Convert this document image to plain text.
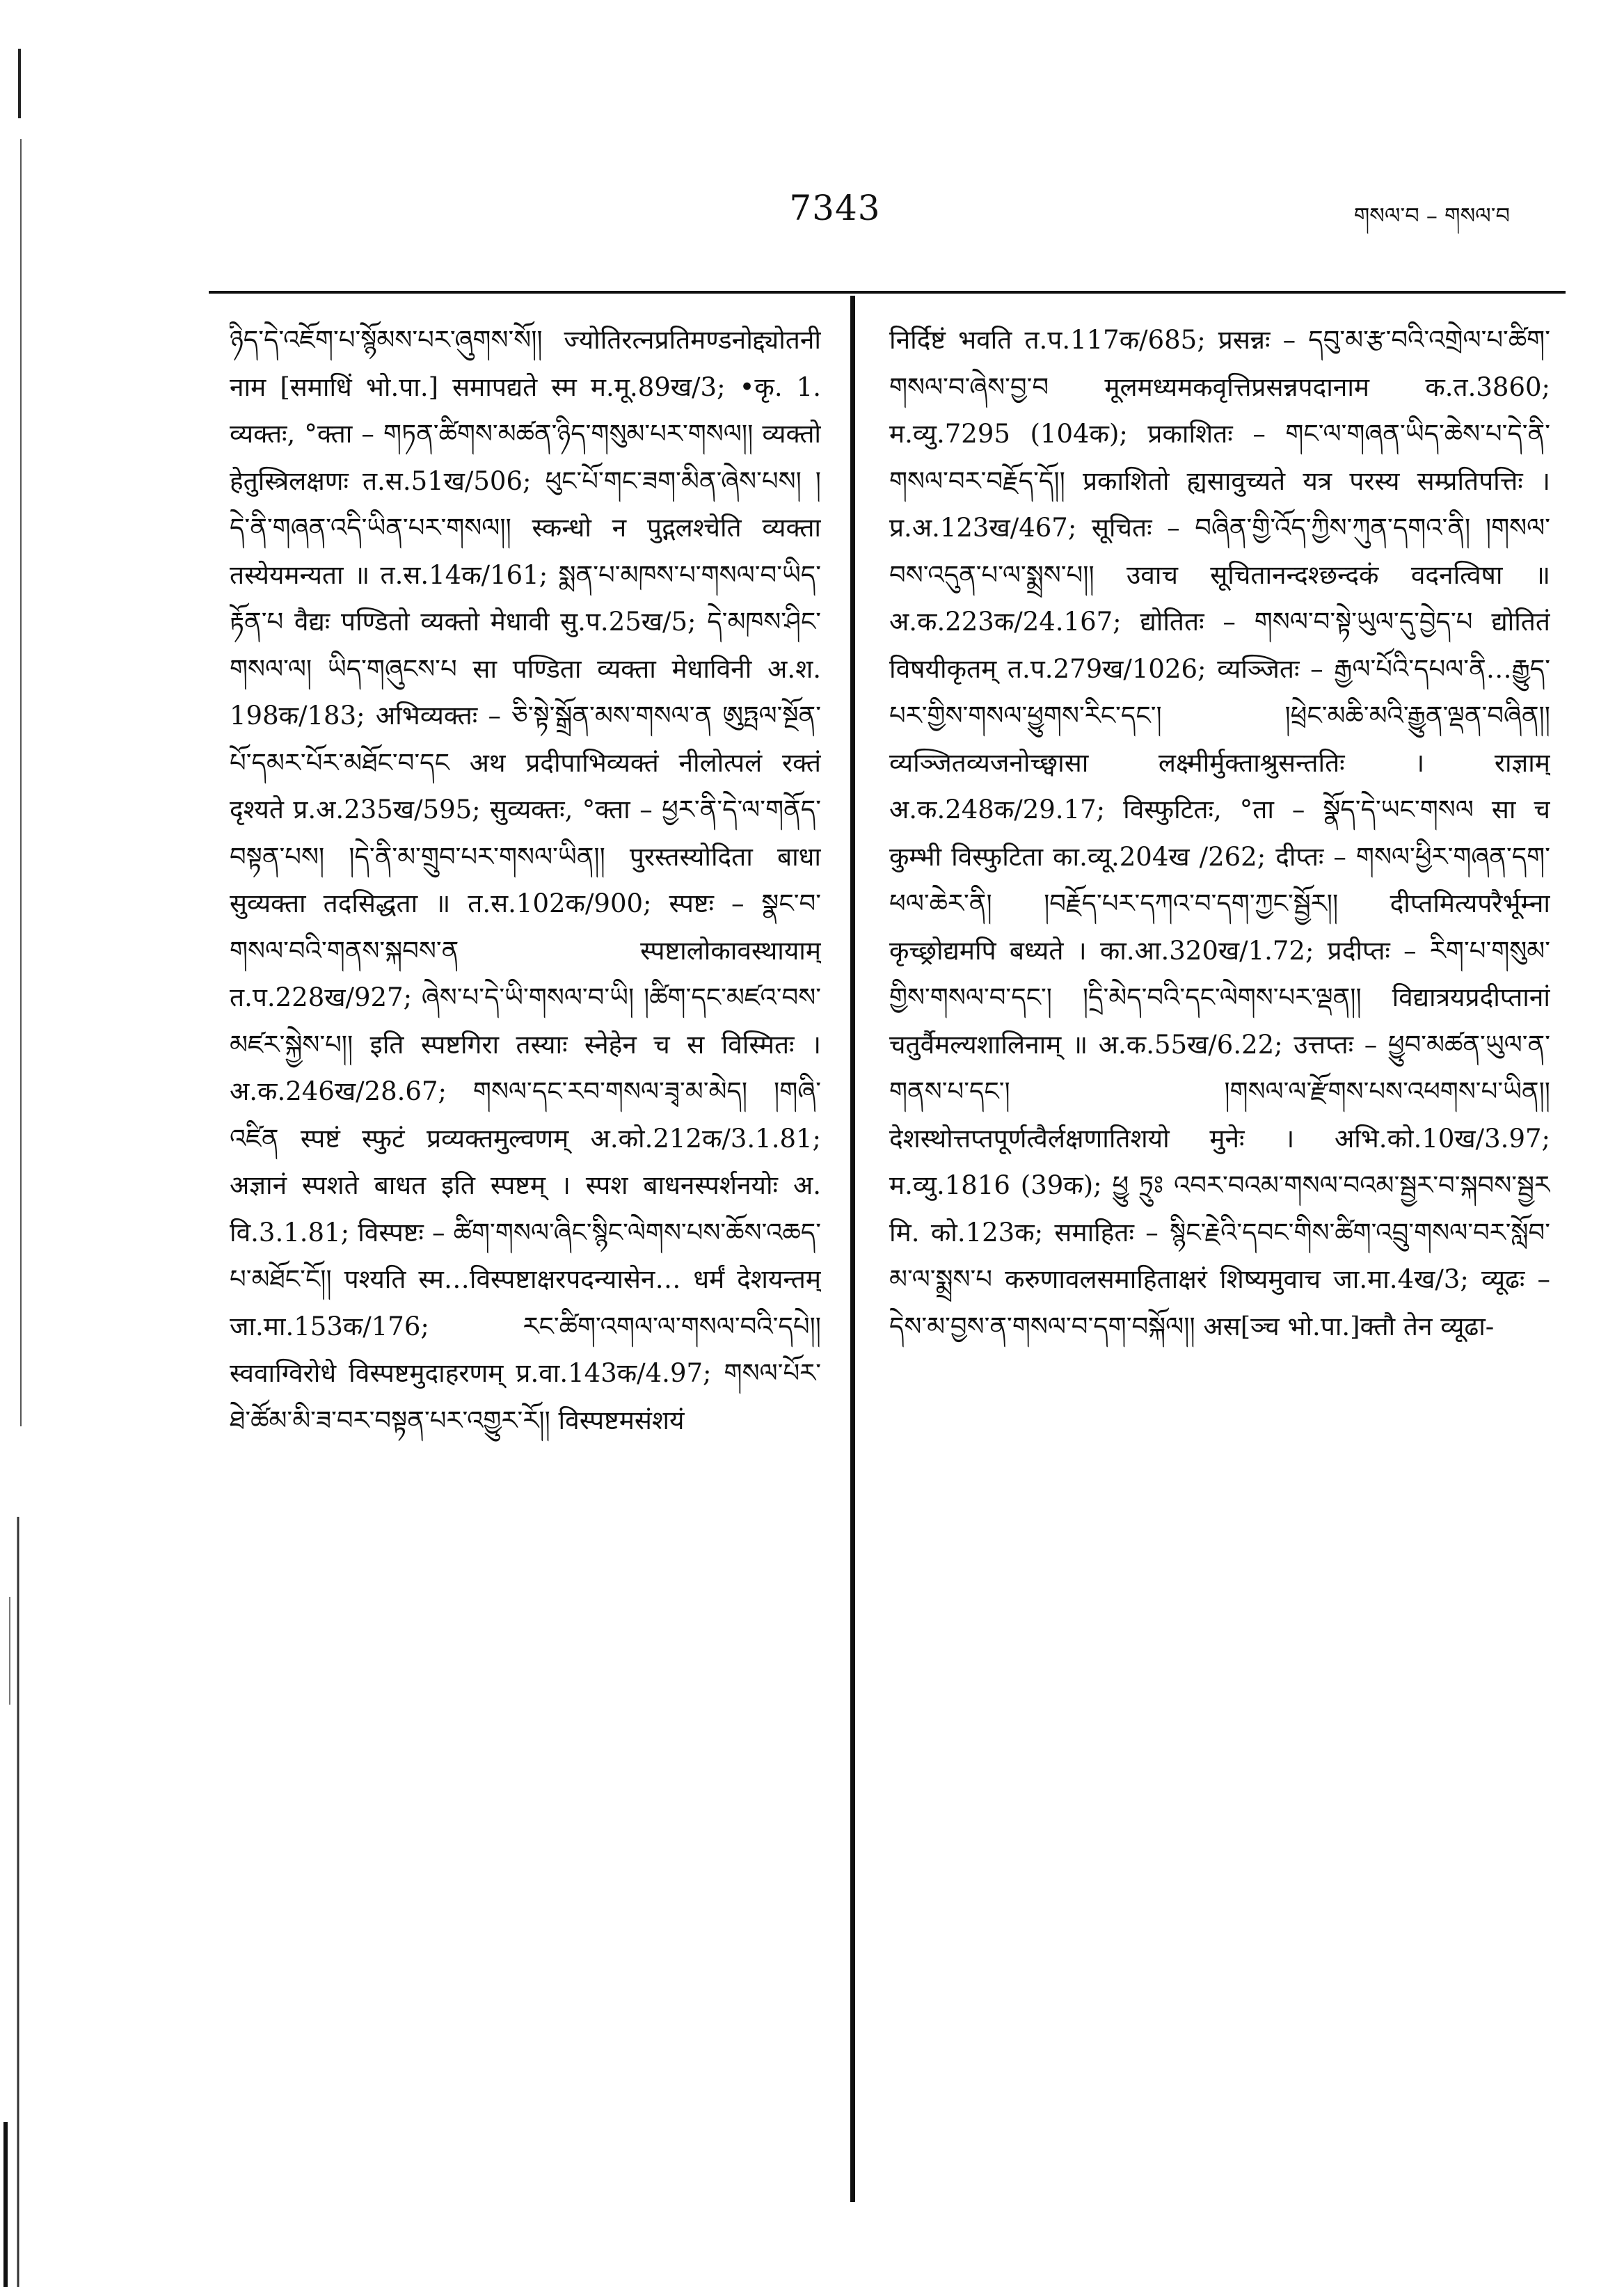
7343	གསལ་བ – གསལ་བ

ཉིད་དེ་འཇོག་པ་སྙོམས་པར་ཞུགས་སོ།། ज्योतिरत्नप्रतिमण्डनोद्द्योतनी नाम [समाधिं भो.पा.] समापद्यते स्म म.मू.89ख/3; •कृ. 1. व्यक्तः, °क्ता – གཏན་ཚིགས་མཚན་ཉིད་གསུམ་པར་གསལ།། व्यक्तो हेतुस्त्रिलक्षणः त.स.51ख/506; ཕུང་པོ་གང་ཟག་མིན་ཞེས་པས། །དེ་ནི་གཞན་འདི་ཡིན་པར་གསལ།། स्कन्धो न पुद्गलश्चेति व्यक्ता तस्येयमन्यता ॥ त.स.14क/161; སྨན་པ་མཁས་པ་གསལ་བ་ཡིད་རྟོན་པ वैद्यः पण्डितो व्यक्तो मेधावी सु.प.25ख/5; དེ་མཁས་ཤིང་གསལ་ལ། ཡིད་གཞུངས་པ सा पण्डिता व्यक्ता मेधाविनी अ.श. 198क/183; अभिव्यक्तः – ཅི་སྟེ་སྒྲོན་མས་གསལ་ན ཨུཏྤལ་སྔོན་པོ་དམར་པོར་མཐོང་བ་དང अथ प्रदीपाभिव्यक्तं नीलोत्पलं रक्तं दृश्यते प्र.अ.235ख/595; सुव्यक्तः, °क्ता – ཕྱར་ནི་དེ་ལ་གནོད་བསྟན་པས། །དེ་ནི་མ་གྲུབ་པར་གསལ་ཡིན།། पुरस्तस्योदिता बाधा सुव्यक्ता तदसिद्धता ॥ त.स.102क/900; स्पष्टः – སྣང་བ་གསལ་བའི་གནས་སྐབས་ན स्पष्टालोकावस्थायाम् त.प.228ख/927; ཞེས་པ་དེ་ཡི་གསལ་བ་ཡི། །ཚིག་དང་མཛའ་བས་མཛར་སྐྱེས་པ།། इति स्पष्टगिरा तस्याः स्नेहेन च स विस्मितः । अ.क.246ख/28.67; གསལ་དང་རབ་གསལ་ཟྭ་མ་མེད། །གཞི་འཛིན स्पष्टं स्फुटं प्रव्यक्तमुल्वणम् अ.को.212क/3.1.81; अज्ञानं स्पशते बाधत इति स्पष्टम् । स्पश बाधनस्पर्शनयोः अ. वि.3.1.81; विस्पष्टः – ཚིག་གསལ་ཞིང་སྙིང་ལེགས་པས་ཆོས་འཆད་པ་མཐོང་ངོ།། पश्यति स्म…विस्पष्टाक्षरपदन्यासेन… धर्मं देशयन्तम् जा.मा.153क/176; རང་ཚིག་འགལ་ལ་གསལ་བའི་དཔེ།། स्ववाग्विरोधे विस्पष्टमुदाहरणम् प्र.वा.143क/4.97; གསལ་པོར་ཐེ་ཚོམ་མི་ཟ་བར་བསྟན་པར་འགྱུར་རོ།། विस्पष्टमसंशयं

निर्दिष्टं भवति त.प.117क/685; प्रसन्नः – དབུ་མ་རྩ་བའི་འགྲེལ་པ་ཚིག་གསལ་བ་ཞེས་བྱ་བ मूलमध्यमकवृत्तिप्रसन्नपदानाम क.त.3860; म.व्यु.7295 (104क); प्रकाशितः – གང་ལ་གཞན་ཡིད་ཆེས་པ་དེ་ནི་གསལ་བར་བརྗོད་དོ།། प्रकाशितो ह्यसावुच्यते यत्र परस्य सम्प्रतिपत्तिः । प्र.अ.123ख/467; सूचितः – བཞིན་གྱི་འོད་ཀྱིས་ཀུན་དགའ་ནི། །གསལ་བས་འདུན་པ་ལ་སྨྲས་པ།། उवाच सूचितानन्दश्छन्दकं वदनत्विषा ॥ अ.क.223क/24.167; द्योतितः – གསལ་བ་སྟེ་ཡུལ་དུ་བྱེད་པ द्योतितं विषयीकृतम् त.प.279ख/1026; व्यञ्जितः – རྒྱལ་པོའི་དཔལ་ནི…རྒྱུད་པར་གྱིས་གསལ་ཕྱུགས་རིང་དང་། །ཕྲེང་མཆི་མའི་རྒྱུན་ལྡན་བཞིན།། व्यञ्जितव्यजनोच्छ्वासा लक्ष्मीर्मुक्ताश्रुसन्ततिः । राज्ञाम् अ.क.248क/29.17; विस्फुटितः, °ता – སྣོད་དེ་ཡང་གསལ सा च कुम्भी विस्फुटिता का.व्यू.204ख /262; दीप्तः – གསལ་ཕྱིར་གཞན་དག་ཕལ་ཆེར་ནི། །བརྗོད་པར་དཀའ་བ་དག་ཀྱང་སྦྱོར།། दीप्तमित्यपरैर्भूम्ना कृच्छ्रोद्यमपि बध्यते । का.आ.320ख/1.72; प्रदीप्तः – རིག་པ་གསུམ་གྱིས་གསལ་བ་དང་། །དྲི་མེད་བའི་དང་ལེགས་པར་ལྡན།། विद्यात्रयप्रदीप्तानां चतुर्वैमल्यशालिनाम् ॥ अ.क.55ख/6.22; उत्तप्तः – ཕྱུབ་མཚན་ཡུལ་ན་གནས་པ་དང་། །གསལ་ལ་རྫོགས་པས་འཕགས་པ་ཡིན།། देशस्थोत्तप्तपूर्णत्वैर्लक्षणातिशयो मुनेः । अभि.को.10ख/3.97; म.व्यु.1816 (39क); ཕྱུ ཏྲུཿ འབར་བའམ་གསལ་བའམ་སྦྱར་བ་སྐབས་སྦྱར मि. को.123क; समाहितः – སྙིང་རྗེའི་དབང་གིས་ཚིག་འབྲུ་གསལ་བར་སློབ་མ་ལ་སྨྲས་པ करुणावलसमाहिताक्षरं शिष्यमुवाच जा.मा.4ख/3; व्यूढः – དེས་མ་བྱས་ན་གསལ་བ་དག་བསྐོལ།། अस[ञ्च भो.पा.]क्तौ तेन व्यूढा-
